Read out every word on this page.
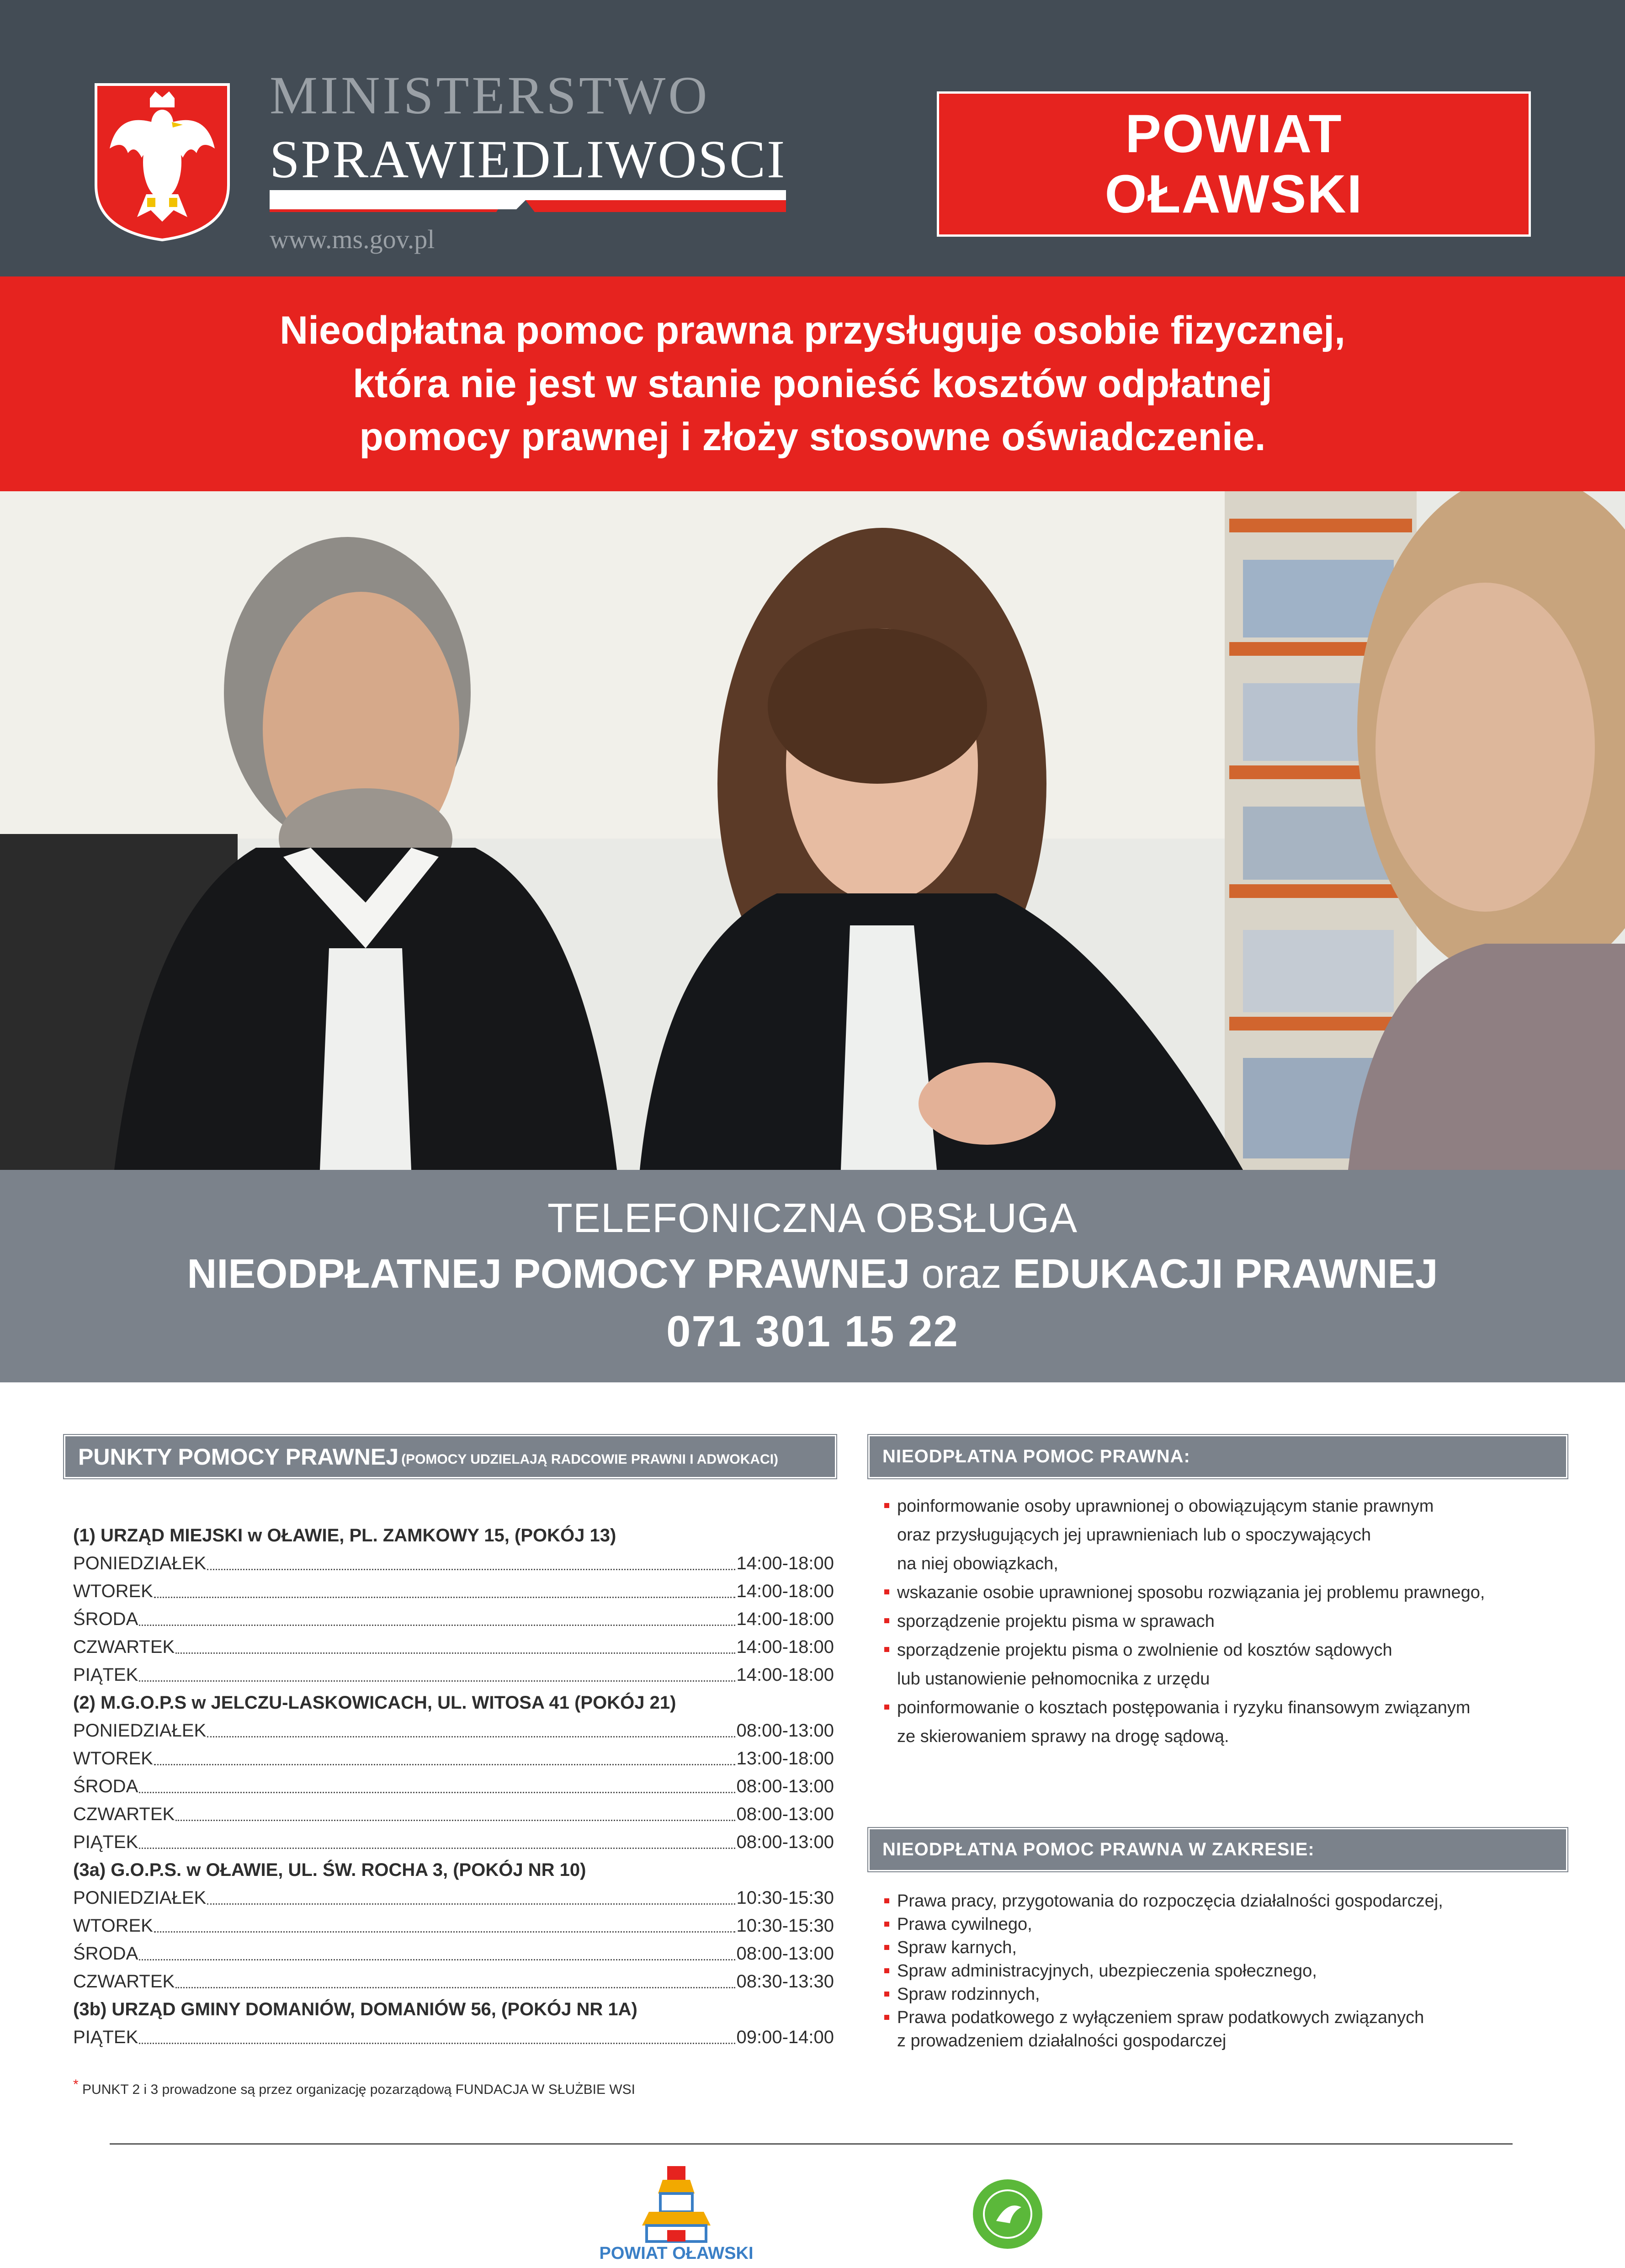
MINISTERSTWO
SPRAWIEDLIWOSCI
www.ms.gov.pl
POWIAT
OŁAWSKI
Nieodpłatna pomoc prawna przysługuje osobie fizycznej,
która nie jest w stanie ponieść kosztów odpłatnej
pomocy prawnej i złoży stosowne oświadczenie.
TELEFONICZNA OBSŁUGA
NIEODPŁATNEJ POMOCY PRAWNEJ oraz EDUKACJI PRAWNEJ
071 301 15 22
PUNKTY POMOCY PRAWNEJ (POMOCY UDZIELAJĄ RADCOWIE PRAWNI I ADWOKACI)
(1) URZĄD MIEJSKI w OŁAWIE, PL. ZAMKOWY 15, (POKÓJ 13)
PONIEDZIAŁEK	14:00-18:00
WTOREK	14:00-18:00
ŚRODA	14:00-18:00
CZWARTEK	14:00-18:00
PIĄTEK	14:00-18:00
(2) M.G.O.P.S w JELCZU-LASKOWICACH, UL. WITOSA 41 (POKÓJ 21)
PONIEDZIAŁEK	08:00-13:00
WTOREK	13:00-18:00
ŚRODA	08:00-13:00
CZWARTEK	08:00-13:00
PIĄTEK	08:00-13:00
(3a) G.O.P.S. w OŁAWIE, UL. ŚW. ROCHA 3, (POKÓJ NR 10)
PONIEDZIAŁEK	10:30-15:30
WTOREK	10:30-15:30
ŚRODA	08:00-13:00
CZWARTEK	08:30-13:30
(3b) URZĄD GMINY DOMANIÓW, DOMANIÓW 56, (POKÓJ NR 1A)
PIĄTEK	09:00-14:00
* PUNKT 2 i 3 prowadzone są przez organizację pozarządową FUNDACJA W SŁUŻBIE WSI
NIEODPŁATNA POMOC PRAWNA:
poinformowanie osoby uprawnionej o obowiązującym stanie prawnym
oraz przysługujących jej uprawnieniach lub o spoczywających
na niej obowiązkach,
wskazanie osobie uprawnionej sposobu rozwiązania jej problemu prawnego,
sporządzenie projektu pisma w sprawach
sporządzenie projektu pisma o zwolnienie od kosztów sądowych
lub ustanowienie pełnomocnika z urzędu
poinformowanie o kosztach postępowania i ryzyku finansowym związanym
ze skierowaniem sprawy na drogę sądową.
NIEODPŁATNA POMOC PRAWNA W ZAKRESIE:
Prawa pracy, przygotowania do rozpoczęcia działalności gospodarczej,
Prawa cywilnego,
Spraw karnych,
Spraw administracyjnych, ubezpieczenia społecznego,
Spraw rodzinnych,
Prawa podatkowego z wyłączeniem spraw podatkowych związanych
z prowadzeniem działalności gospodarczej
POWIAT OŁAWSKI
